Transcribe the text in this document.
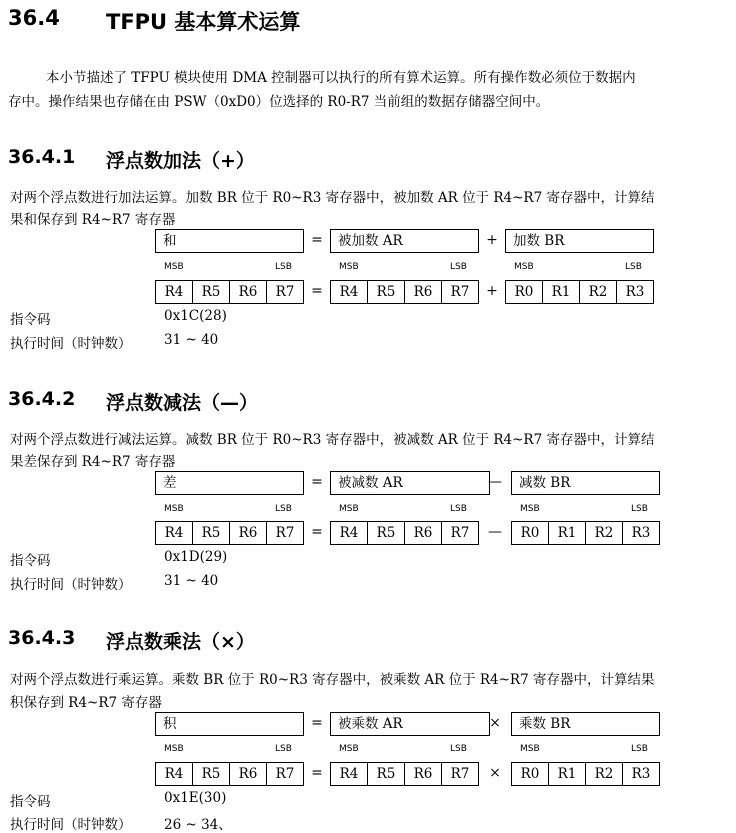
36.4 TFPU 基本算术运算
本小节描述了 TFPU 模块使用 DMA 控制器可以执行的所有算术运算。所有操作数必须位于数据内
存中。操作结果也存储在由 PSW（0xD0）位选择的 R0-R7 当前组的数据存储器空间中。
36.4.1 浮点数加法（+）
对两个浮点数进行加法运算。加数 BR 位于 R0~R3 寄存器中，被加数 AR 位于 R4~R7 寄存器中，计算结
果和保存到 R4~R7 寄存器
和	=	被加数 AR	+	加数 BR
MSB	LSB	MSB	LSB	MSB	LSB
R4	R5	R6	R7	=	R4	R5	R6	R7	+	R0	R1	R2	R3
指令码	0x1C(28)
执行时间（时钟数） 31 ~ 40
36.4.2 浮点数减法（—）
对两个浮点数进行减法运算。减数 BR 位于 R0~R3 寄存器中，被减数 AR 位于 R4~R7 寄存器中，计算结
果差保存到 R4~R7 寄存器
差	=	被减数 AR	—	减数 BR
MSB	LSB	MSB	LSB	MSB	LSB
R4	R5	R6	R7	=	R4	R5	R6	R7	—	R0	R1	R2	R3
指令码	0x1D(29)
执行时间（时钟数） 31 ~ 40
36.4.3 浮点数乘法（×）
对两个浮点数进行乘运算。乘数 BR 位于 R0~R3 寄存器中，被乘数 AR 位于 R4~R7 寄存器中，计算结果
积保存到 R4~R7 寄存器
积	=	被乘数 AR	×	乘数 BR
MSB	LSB	MSB	LSB	MSB	LSB
R4	R5	R6	R7	=	R4	R5	R6	R7	×	R0	R1	R2	R3
指令码	0x1E(30)
执行时间（时钟数） 26 ~ 34、
